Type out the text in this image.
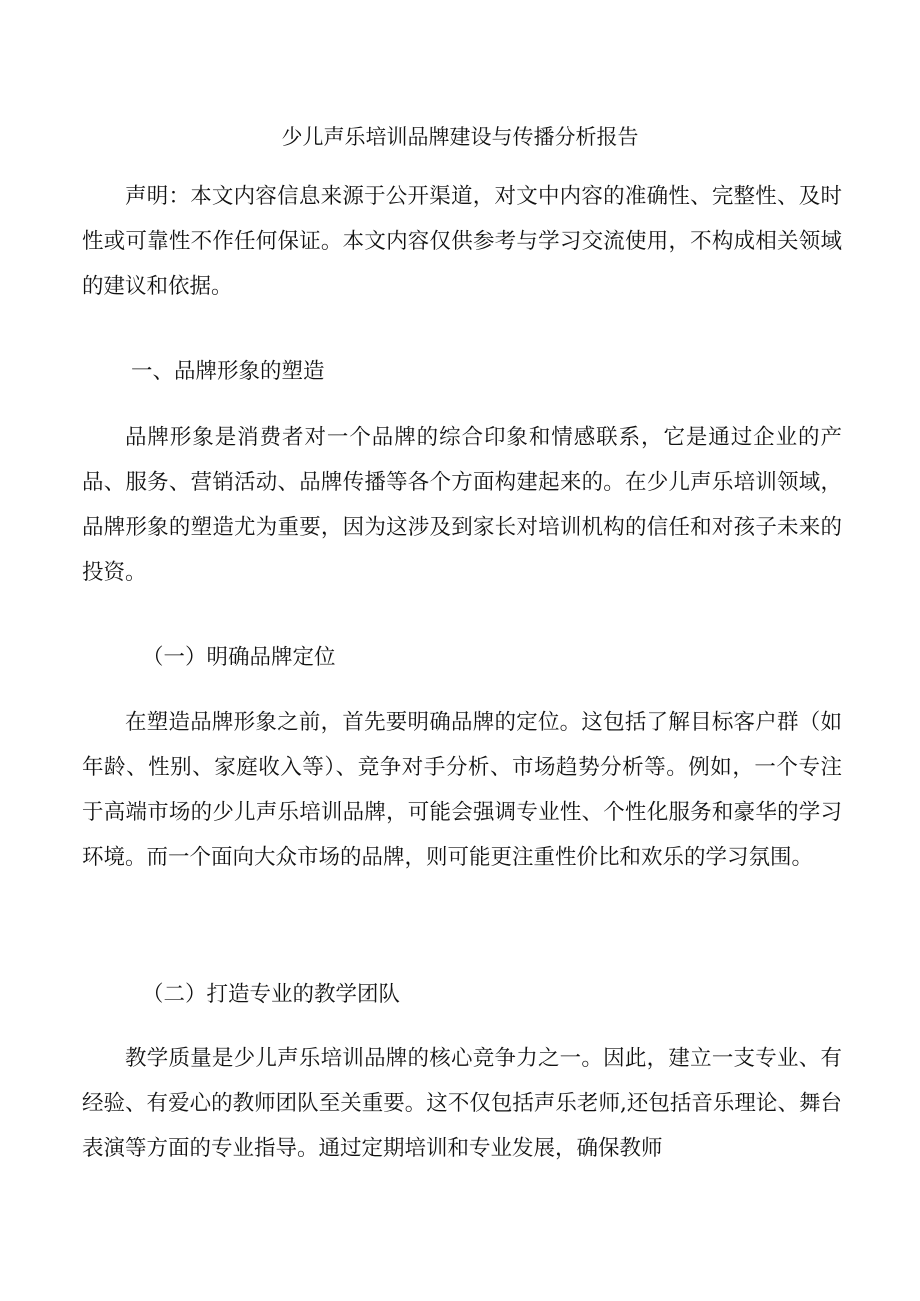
少儿声乐培训品牌建设与传播分析报告

声明：本文内容信息来源于公开渠道，对文中内容的准确性、完整性、及时性或可靠性不作任何保证。本文内容仅供参考与学习交流使用，不构成相关领域的建议和依据。

一、品牌形象的塑造

品牌形象是消费者对一个品牌的综合印象和情感联系，它是通过企业的产品、服务、营销活动、品牌传播等各个方面构建起来的。在少儿声乐培训领域，品牌形象的塑造尤为重要，因为这涉及到家长对培训机构的信任和对孩子未来的投资。

（一）明确品牌定位

在塑造品牌形象之前，首先要明确品牌的定位。这包括了解目标客户群（如年龄、性别、家庭收入等）、竞争对手分析、市场趋势分析等。例如，一个专注于高端市场的少儿声乐培训品牌，可能会强调专业性、个性化服务和豪华的学习环境。而一个面向大众市场的品牌，则可能更注重性价比和欢乐的学习氛围。

（二）打造专业的教学团队

教学质量是少儿声乐培训品牌的核心竞争力之一。因此，建立一支专业、有经验、有爱心的教师团队至关重要。这不仅包括声乐老师,还包括音乐理论、舞台表演等方面的专业指导。通过定期培训和专业发展，确保教师
